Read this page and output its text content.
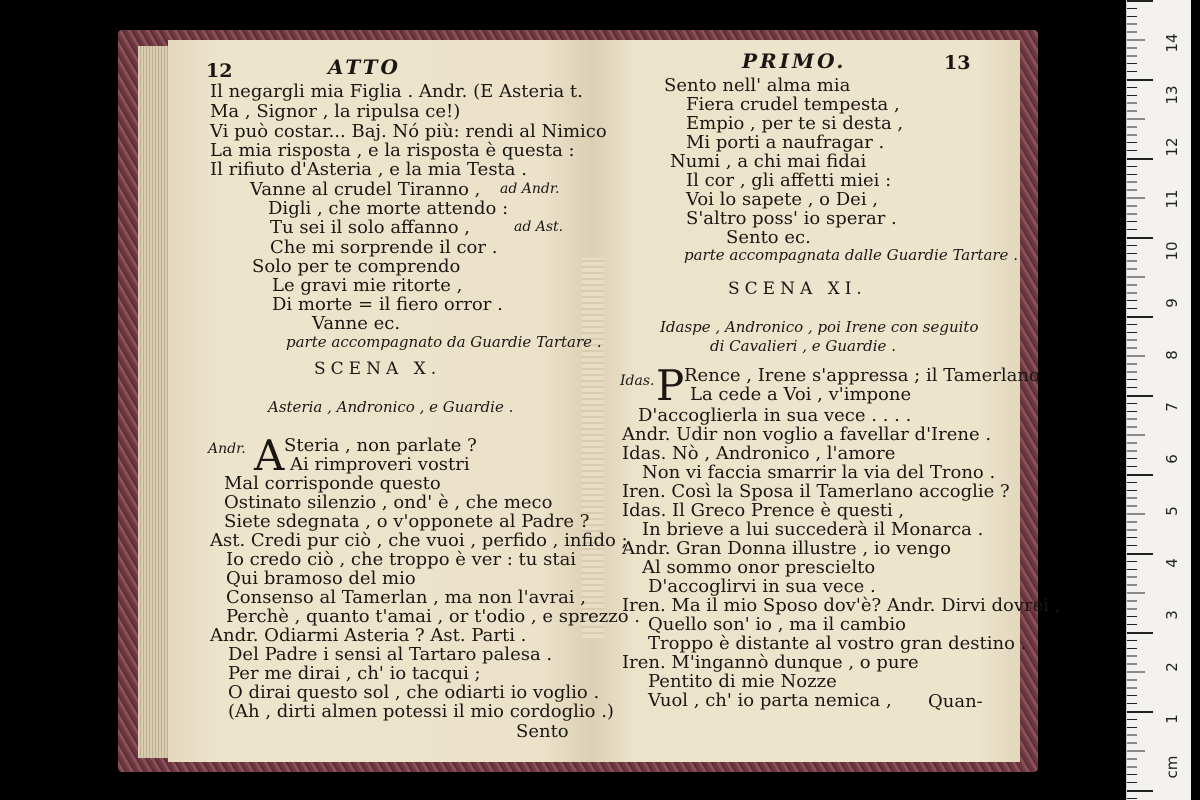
12	ATTO
Il negargli mia Figlia . Andr. (E Asteria t.
Ma , Signor , la ripulsa ce!)
Vi può costar... Baj. Nó più: rendi al Nimico
La mia risposta , e la risposta è questa :
Il rifiuto d'Asteria , e la mia Testa .
Vanne al crudel Tiranno , ad Andr.
Digli , che morte attendo :
Tu sei il solo affanno ,	ad Ast.
Che mi sorprende il cor .
Solo per te comprendo
Le gravi mie ritorte ,
Di morte = il fiero orror .
Vanne ec.
parte accompagnato da Guardie Tartare .
SCENA X.
Asteria , Andronico , e Guardie .
Andr. A Steria , non parlate ?
Ai rimproveri vostri
Mal corrisponde questo
Ostinato silenzio , ond' è , che meco
Siete sdegnata , o v'opponete al Padre ?
Ast. Credi pur ciò , che vuoi , perfido , infido ;
Io credo ciò , che troppo è ver : tu stai
Qui bramoso del mio
Consenso al Tamerlan , ma non l'avrai ,
Perchè , quanto t'amai , or t'odio , e sprezzo .
Andr. Odiarmi Asteria ? Ast. Parti .
Del Padre i sensi al Tartaro palesa .
Per me dirai , ch' io tacqui ;
O dirai questo sol , che odiarti io voglio .
(Ah , dirti almen potessi il mio cordoglio .)
Sento
PRIMO.	13
Sento nell' alma mia
Fiera crudel tempesta ,
Empio , per te si desta ,
Mi porti a naufragar .
Numi , a chi mai fidai
Il cor , gli affetti miei :
Voi lo sapete , o Dei ,
S'altro poss' io sperar .
Sento ec.
parte accompagnata dalle Guardie Tartare .
SCENA XI.
Idaspe , Andronico , poi Irene con seguito
di Cavalieri , e Guardie .
Idas. P Rence , Irene s'appressa ; il Tamerlano
La cede a Voi , v'impone
D'accoglierla in sua vece . . . .
Andr. Udir non voglio a favellar d'Irene .
Idas. Nò , Andronico , l'amore
Non vi faccia smarrir la via del Trono .
Iren. Così la Sposa il Tamerlano accoglie ?
Idas. Il Greco Prence è questi ,
In brieve a lui succederà il Monarca .
Andr. Gran Donna illustre , io vengo
Al sommo onor prescielto
D'accoglirvi in sua vece .
Iren. Ma il mio Sposo dov'è? Andr. Dirvi dovrei ,
Quello son' io , ma il cambio
Troppo è distante al vostro gran destino .
Iren. M'ingannò dunque , o pure
Pentito di mie Nozze
Vuol , ch' io parta nemica , Quan-
14
13
12
11
10
9
8
7
6
5
4
3
2
1
cm
